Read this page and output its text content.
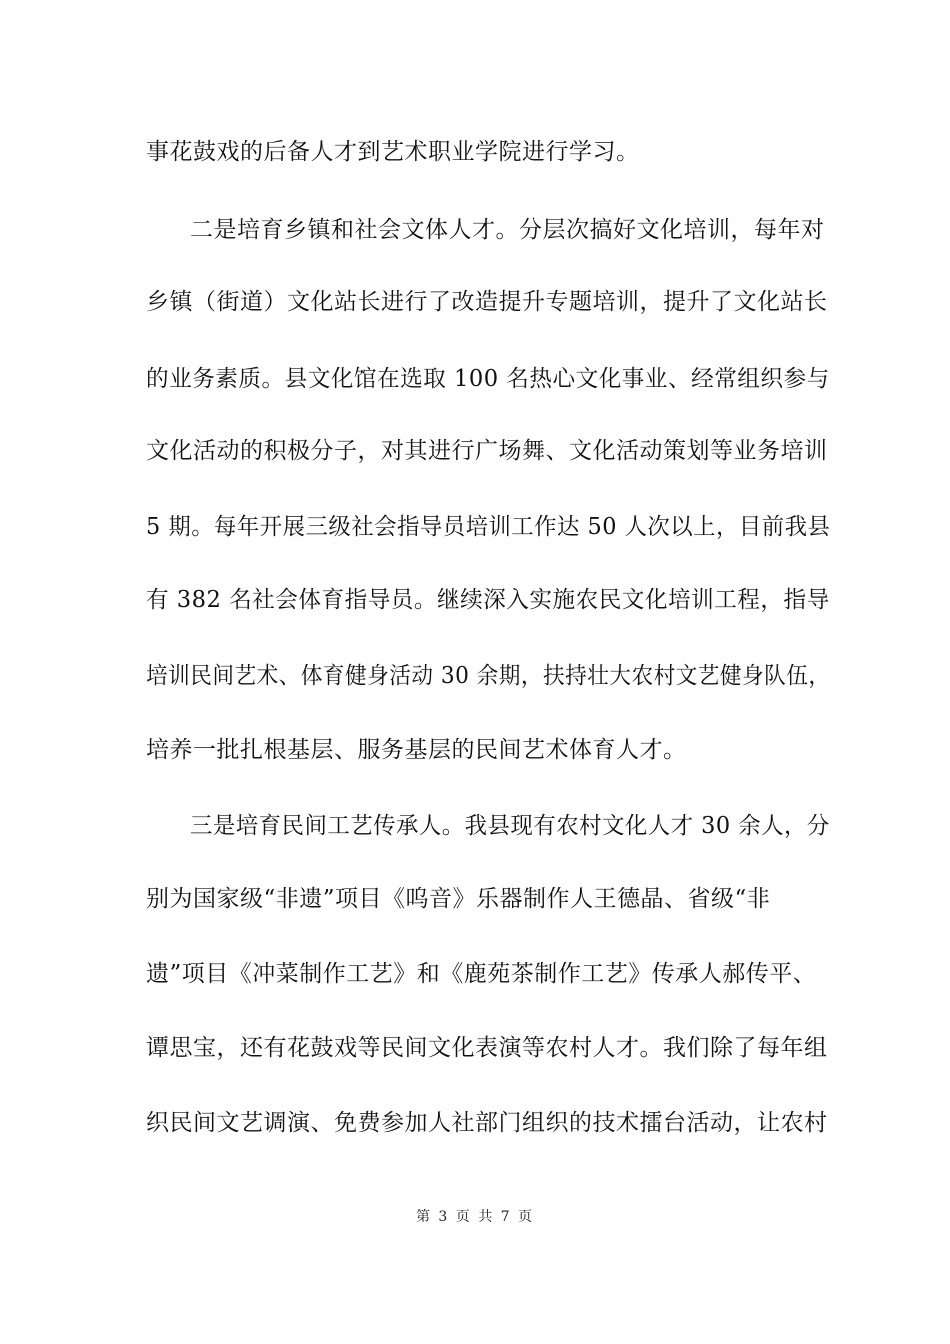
事花鼓戏的后备人才到艺术职业学院进行学习。
二是培育乡镇和社会文体人才。分层次搞好文化培训，每年对
乡镇（街道）文化站长进行了改造提升专题培训，提升了文化站长
的业务素质。县文化馆在选取 100 名热心文化事业、经常组织参与
文化活动的积极分子，对其进行广场舞、文化活动策划等业务培训
5 期。每年开展三级社会指导员培训工作达 50 人次以上，目前我县
有 382 名社会体育指导员。继续深入实施农民文化培训工程，指导
培训民间艺术、体育健身活动 30 余期，扶持壮大农村文艺健身队伍，
培养一批扎根基层、服务基层的民间艺术体育人才。
三是培育民间工艺传承人。我县现有农村文化人才 30 余人，分
别为国家级“非遗”项目《呜音》乐器制作人王德晶、省级“非
遗”项目《冲菜制作工艺》和《鹿苑茶制作工艺》传承人郝传平、
谭思宝，还有花鼓戏等民间文化表演等农村人才。我们除了每年组
织民间文艺调演、免费参加人社部门组织的技术擂台活动，让农村
第 3 页 共 7 页
